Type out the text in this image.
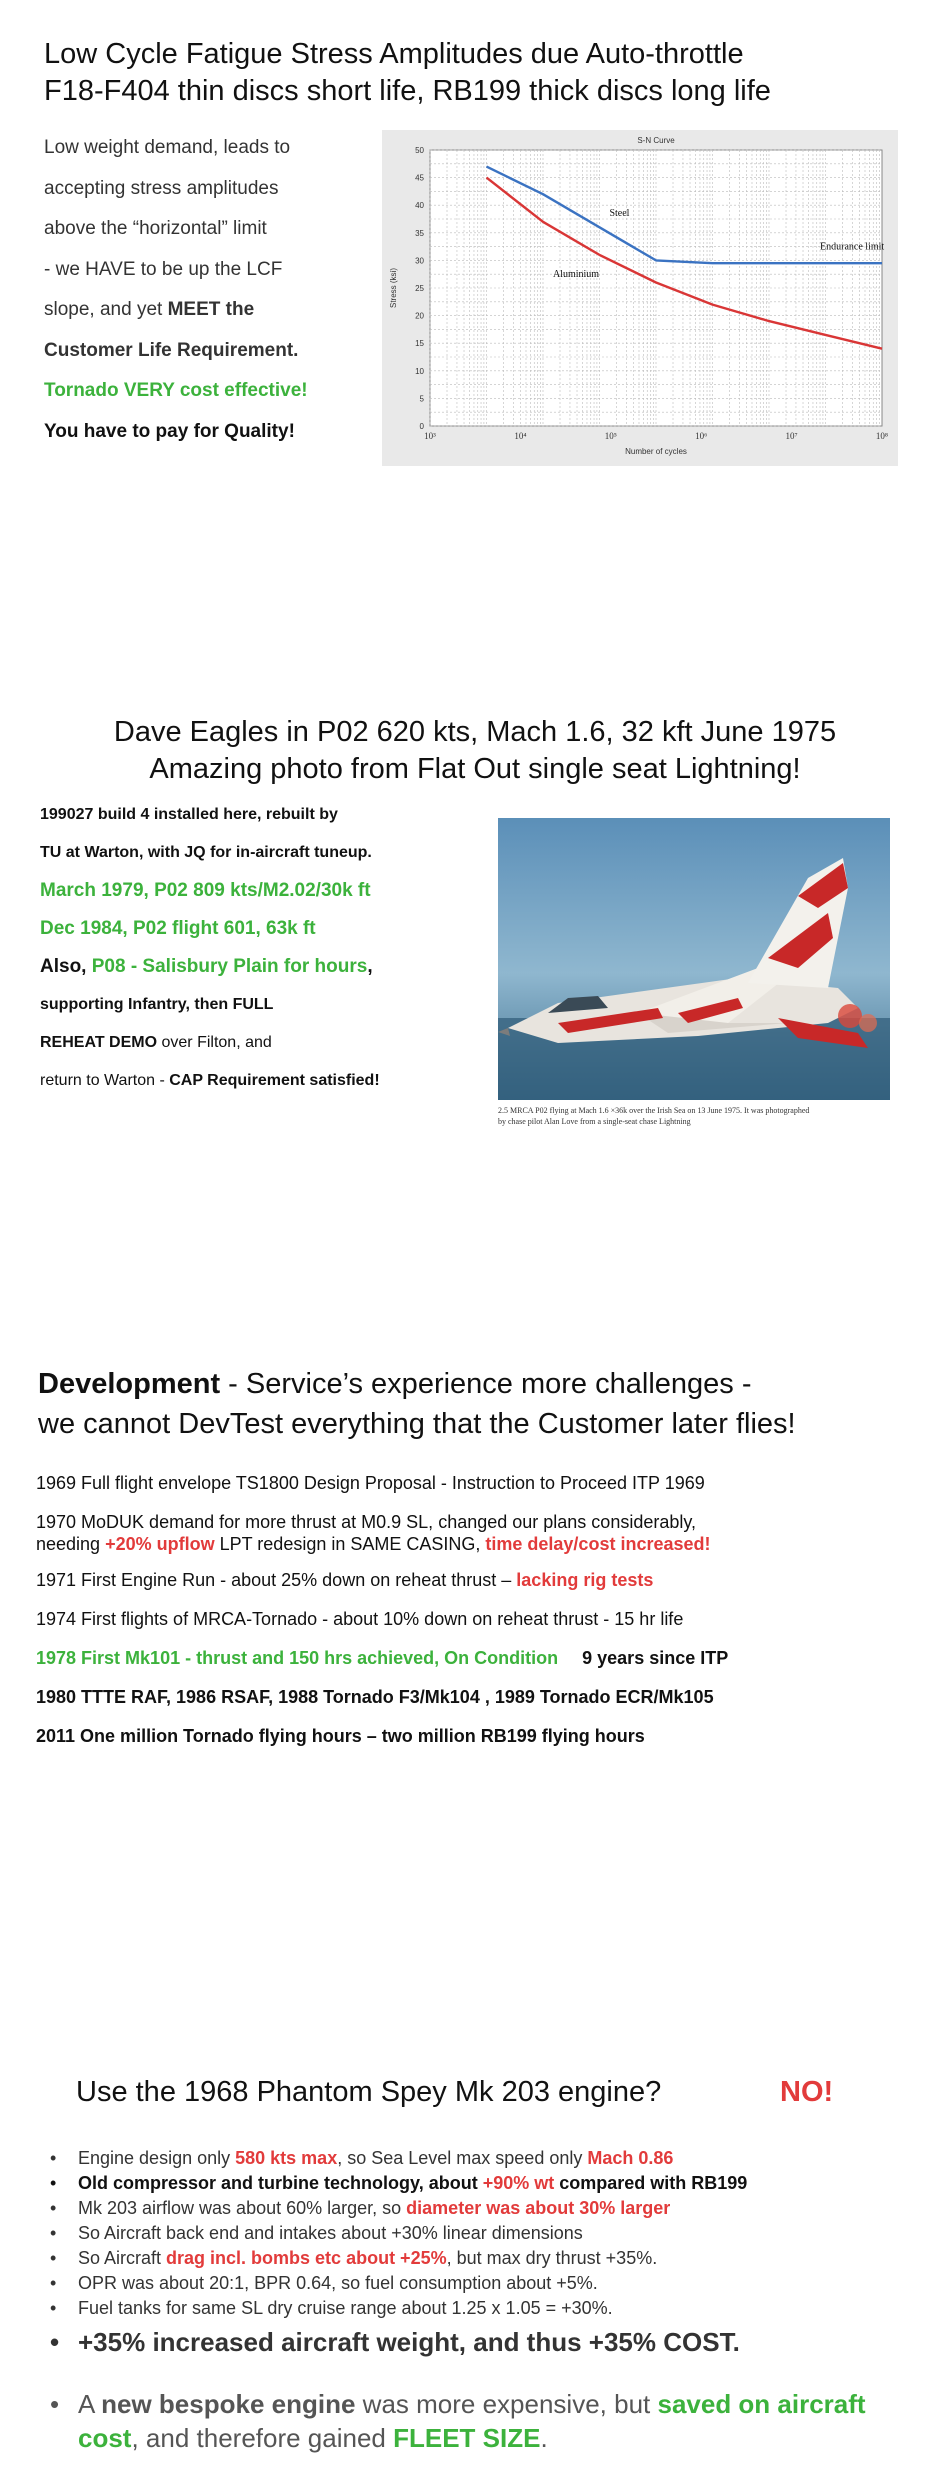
Low Cycle Fatigue Stress Amplitudes due Auto-throttle
F18-F404 thin discs short life, RB199 thick discs long life

Low weight demand, leads to

accepting stress amplitudes

above the “horizontal” limit

- we HAVE to be up the LCF

slope, and yet MEET the

Customer Life Requirement.

Tornado VERY cost effective!

You have to pay for Quality!	0
5
10
15
20
25
30
35
40
45
50
10³	10⁴	10⁵	10⁶	10⁷	10⁸
S-N Curve
Number of cycles
Stress (ksi)
Steel
Aluminium
Endurance limit
Dave Eagles in P02 620 kts, Mach 1.6, 32 kft June 1975
Amazing photo from Flat Out single seat Lightning!

199027 build 4 installed here, rebuilt by

TU at Warton, with JQ for in-aircraft tuneup.

March 1979, P02 809 kts/M2.02/30k ft

Dec 1984, P02 flight 601, 63k ft

Also, P08 - Salisbury Plain for hours,

supporting Infantry, then FULL

REHEAT DEMO over Filton, and

return to Warton - CAP Requirement satisfied!

2.5 MRCA P02 flying at Mach 1.6 ×36k over the Irish Sea on 13 June 1975. It was photographed
by chase pilot Alan Love from a single-seat chase Lightning
Development - Service’s experience more challenges -
we cannot DevTest everything that the Customer later flies!
1969 Full flight envelope TS1800 Design Proposal - Instruction to Proceed ITP 1969
1970 MoDUK demand for more thrust at M0.9 SL, changed our plans considerably,
needing +20% upflow LPT redesign in SAME CASING, time delay/cost increased!
1971 First Engine Run - about 25% down on reheat thrust – lacking rig tests
1974 First flights of MRCA-Tornado - about 10% down on reheat thrust - 15 hr life
1978 First Mk101 - thrust and 150 hrs achieved, On Condition 9 years since ITP
1980 TTTE RAF, 1986 RSAF, 1988 Tornado F3/Mk104 , 1989 Tornado ECR/Mk105
2011 One million Tornado flying hours – two million RB199 flying hours
Use the 1968 Phantom Spey Mk 203 engine?	NO!
• Engine design only 580 kts max, so Sea Level max speed only Mach 0.86
• Old compressor and turbine technology, about +90% wt compared with RB199
• Mk 203 airflow was about 60% larger, so diameter was about 30% larger
• So Aircraft back end and intakes about +30% linear dimensions
• So Aircraft drag incl. bombs etc about +25%, but max dry thrust +35%.
• OPR was about 20:1, BPR 0.64, so fuel consumption about +5%.
• Fuel tanks for same SL dry cruise range about 1.25 x 1.05 = +30%.
• +35% increased aircraft weight, and thus +35% COST.
• A new bespoke engine was more expensive, but saved on aircraft cost, and therefore gained FLEET SIZE.
